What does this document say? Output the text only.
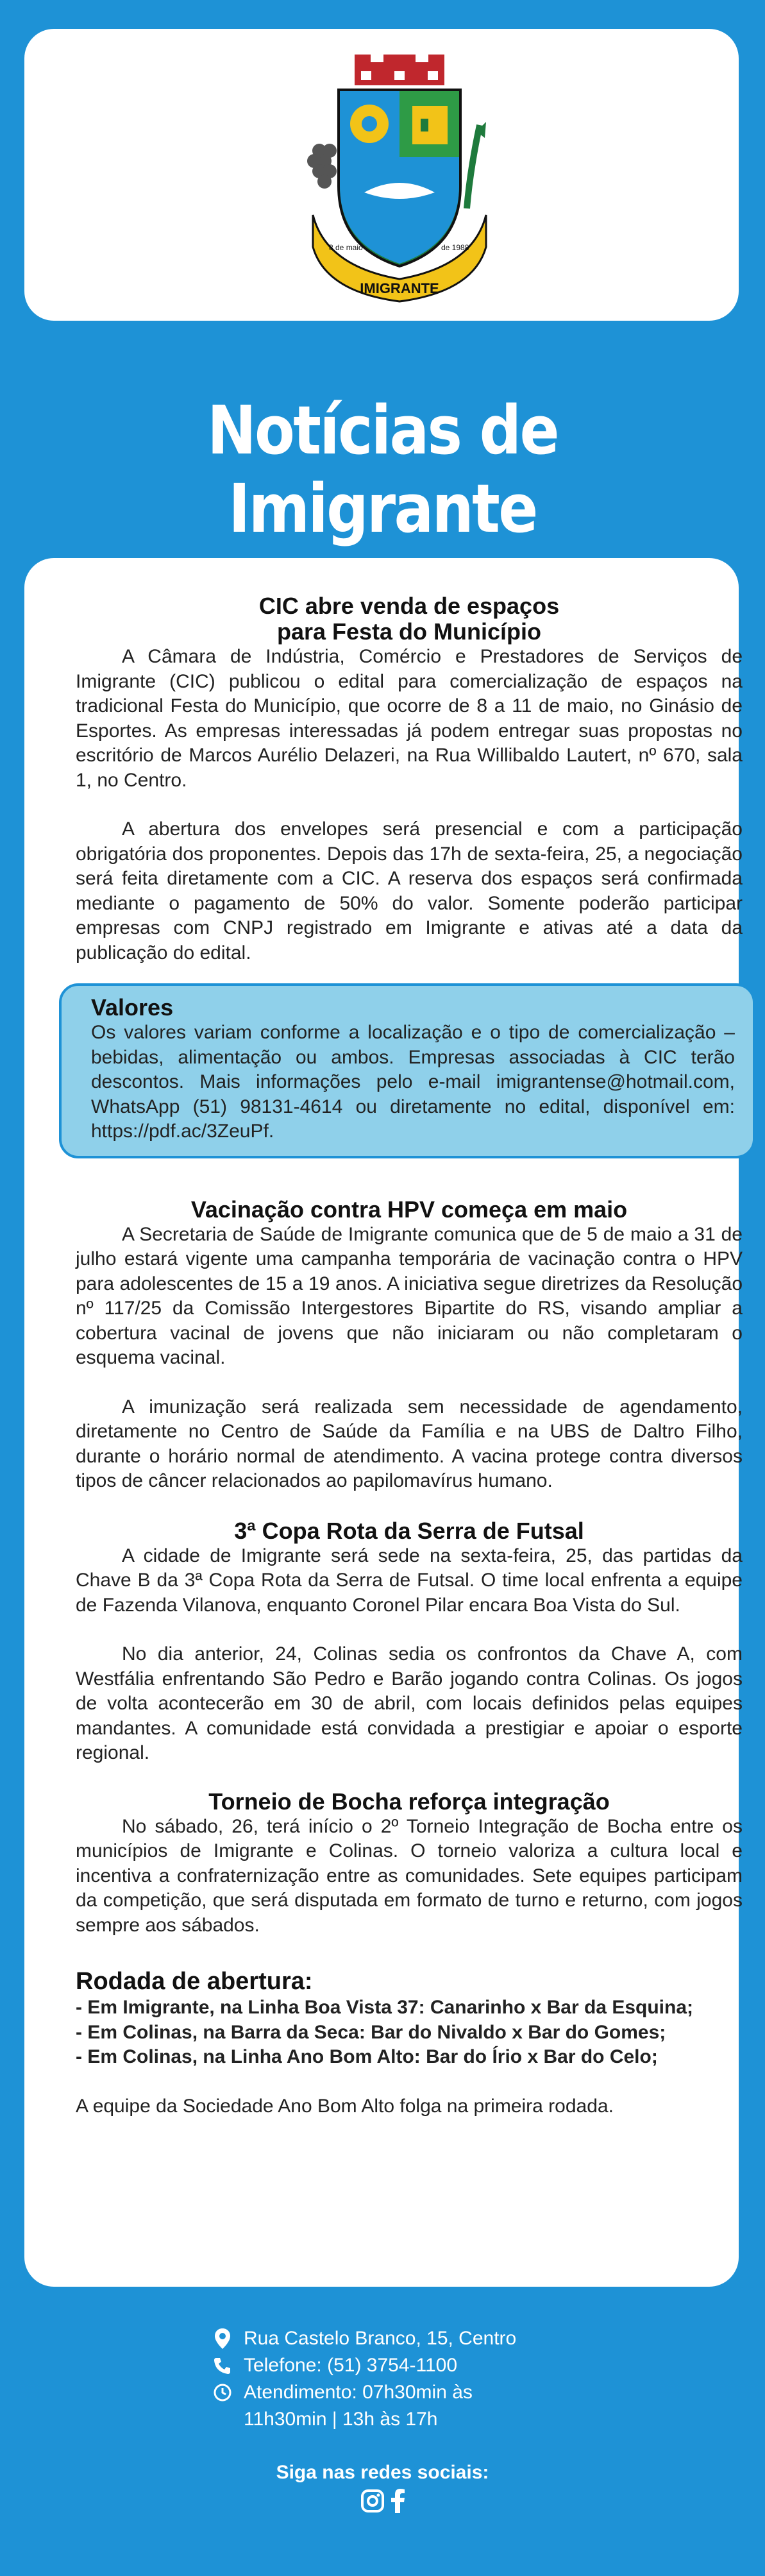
IMIGRANTE
8 de maio	de 1988
Notícias de Imigrante
CIC abre venda de espaços
para Festa do Município

A Câmara de Indústria, Comércio e Prestadores de Serviços de Imigrante (CIC) publicou o edital para comercialização de espaços na tradicional Festa do Município, que ocorre de 8 a 11 de maio, no Ginásio de Esportes. As empresas interessadas já podem entregar suas propostas no escritório de Marcos Aurélio Delazeri, na Rua Willibaldo Lautert, nº 670, sala 1, no Centro.

A abertura dos envelopes será presencial e com a participação obrigatória dos proponentes. Depois das 17h de sexta-feira, 25, a negociação será feita diretamente com a CIC. A reserva dos espaços será confirmada mediante o pagamento de 50% do valor. Somente poderão participar empresas com CNPJ registrado em Imigrante e ativas até a data da publicação do edital.

Valores

Os valores variam conforme a localização e o tipo de comercialização – bebidas, alimentação ou ambos. Empresas associadas à CIC terão descontos. Mais informações pelo e-mail imigrantense@hotmail.com, WhatsApp (51) 98131-4614 ou diretamente no edital, disponível em: https://pdf.ac/3ZeuPf.

Vacinação contra HPV começa em maio

A Secretaria de Saúde de Imigrante comunica que de 5 de maio a 31 de julho estará vigente uma campanha temporária de vacinação contra o HPV para adolescentes de 15 a 19 anos. A iniciativa segue diretrizes da Resolução nº 117/25 da Comissão Intergestores Bipartite do RS, visando ampliar a cobertura vacinal de jovens que não iniciaram ou não completaram o esquema vacinal.

A imunização será realizada sem necessidade de agendamento, diretamente no Centro de Saúde da Família e na UBS de Daltro Filho, durante o horário normal de atendimento. A vacina protege contra diversos tipos de câncer relacionados ao papilomavírus humano.

3ª Copa Rota da Serra de Futsal

A cidade de Imigrante será sede na sexta-feira, 25, das partidas da Chave B da 3ª Copa Rota da Serra de Futsal. O time local enfrenta a equipe de Fazenda Vilanova, enquanto Coronel Pilar encara Boa Vista do Sul.

No dia anterior, 24, Colinas sedia os confrontos da Chave A, com Westfália enfrentando São Pedro e Barão jogando contra Colinas. Os jogos de volta acontecerão em 30 de abril, com locais definidos pelas equipes mandantes. A comunidade está convidada a prestigiar e apoiar o esporte regional.

Torneio de Bocha reforça integração

No sábado, 26, terá início o 2º Torneio Integração de Bocha entre os municípios de Imigrante e Colinas. O torneio valoriza a cultura local e incentiva a confraternização entre as comunidades. Sete equipes participam da competição, que será disputada em formato de turno e returno, com jogos sempre aos sábados.

Rodada de abertura:

- Em Imigrante, na Linha Boa Vista 37: Canarinho x Bar da Esquina;

- Em Colinas, na Barra da Seca: Bar do Nivaldo x Bar do Gomes;

- Em Colinas, na Linha Ano Bom Alto: Bar do Írio x Bar do Celo;

A equipe da Sociedade Ano Bom Alto folga na primeira rodada.

Rua Castelo Branco, 15, Centro
Telefone: (51) 3754-1100
Atendimento: 07h30min às
11h30min | 13h às 17h
Siga nas redes sociais:
